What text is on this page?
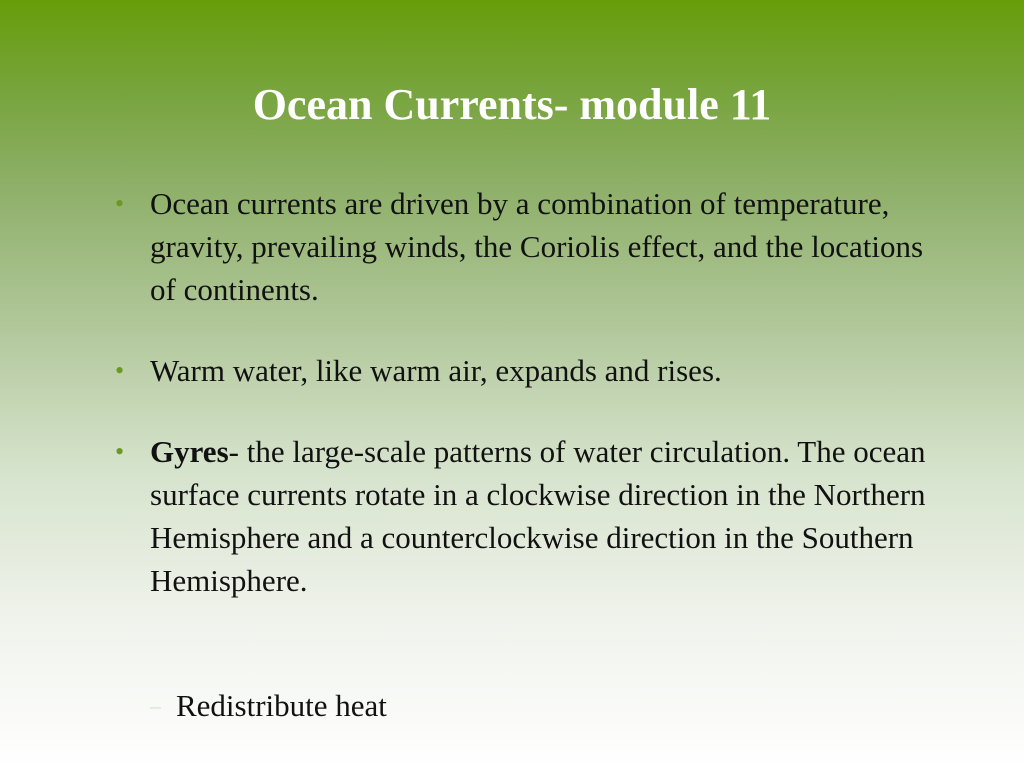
Ocean Currents- module 11
• Ocean currents are driven by a combination of temperature, gravity, prevailing winds, the Coriolis effect, and the locations of continents.
• Warm water, like warm air, expands and rises.
• Gyres- the large-scale patterns of water circulation. The ocean surface currents rotate in a clockwise direction in the Northern Hemisphere and a counterclockwise direction in the Southern Hemisphere.
– Redistribute heat
